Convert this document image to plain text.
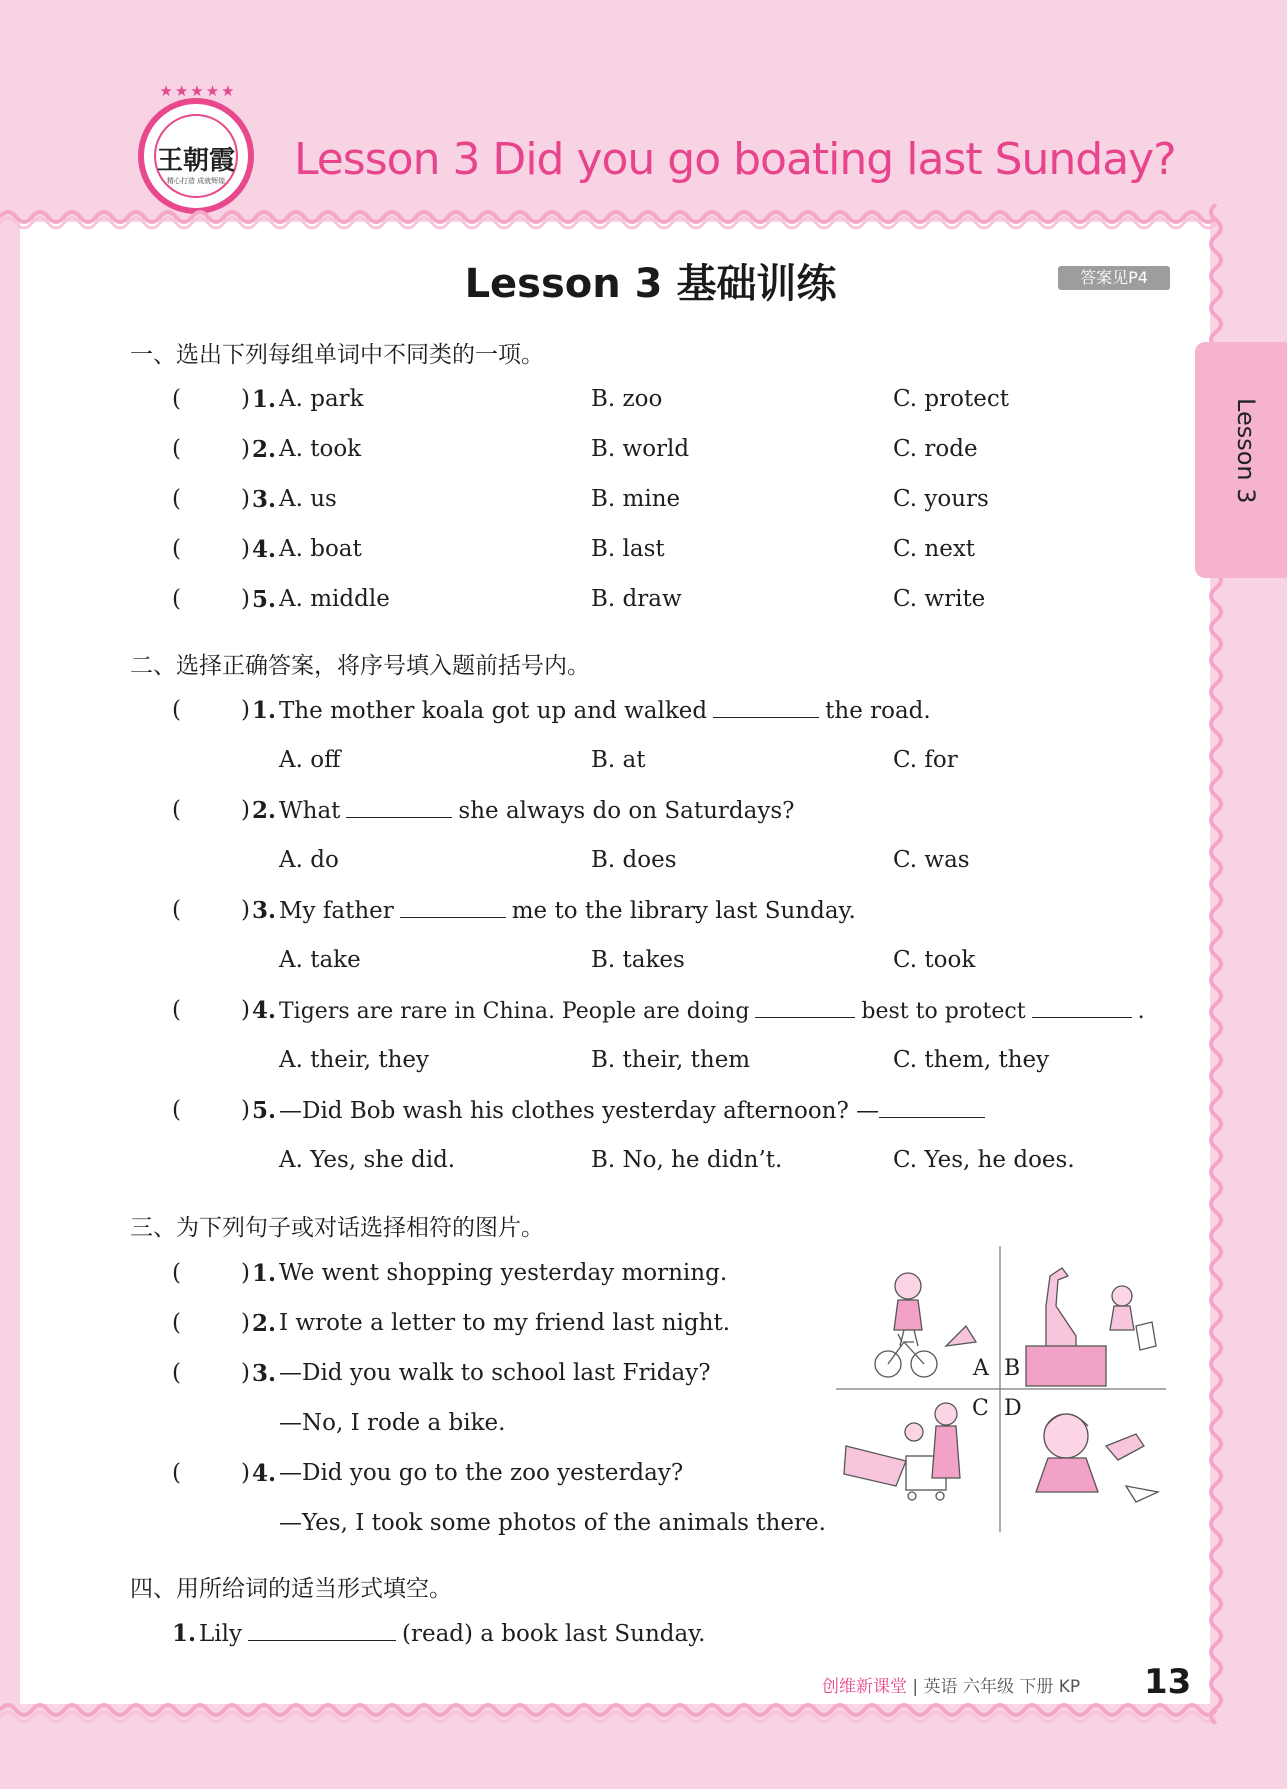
★★★★★
王朝霞
精心打造 成就辉煌	Lesson 3 Did you go boating last Sunday?
Lesson 3
Lesson 3 基础训练	答案见P4
一、选出下列每组单词中不同类的一项。
(	) 1. A. park	B. zoo	C. protect
(	) 2. A. took	B. world	C. rode
(	) 3. A. us	B. mine	C. yours
(	) 4. A. boat	B. last	C. next
(	) 5. A. middle	B. draw	C. write
二、选择正确答案，将序号填入题前括号内。
(	) 1. The mother koala got up and walked	the road.
A. off	B. at	C. for
(	) 2. What	she always do on Saturdays?
A. do	B. does	C. was
(	) 3. My father	me to the library last Sunday.
A. take	B. takes	C. took
(	) 4. Tigers are rare in China. People are doing	best to protect	.
A. their, they	B. their, them	C. them, they
(	) 5. —Did Bob wash his clothes yesterday afternoon? —
A. Yes, she did.	B. No, he didn’t.	C. Yes, he does.
三、为下列句子或对话选择相符的图片。
(	) 1. We went shopping yesterday morning.
(	) 2. I wrote a letter to my friend last night.
(	) 3. —Did you walk to school last Friday?
—No, I rode a bike.
(	) 4. —Did you go to the zoo yesterday?
—Yes, I took some photos of the animals there.
A B
C D
四、用所给词的适当形式填空。
1. Lily	(read) a book last Sunday.
创维新课堂 | 英语 六年级 下册 KP 13
